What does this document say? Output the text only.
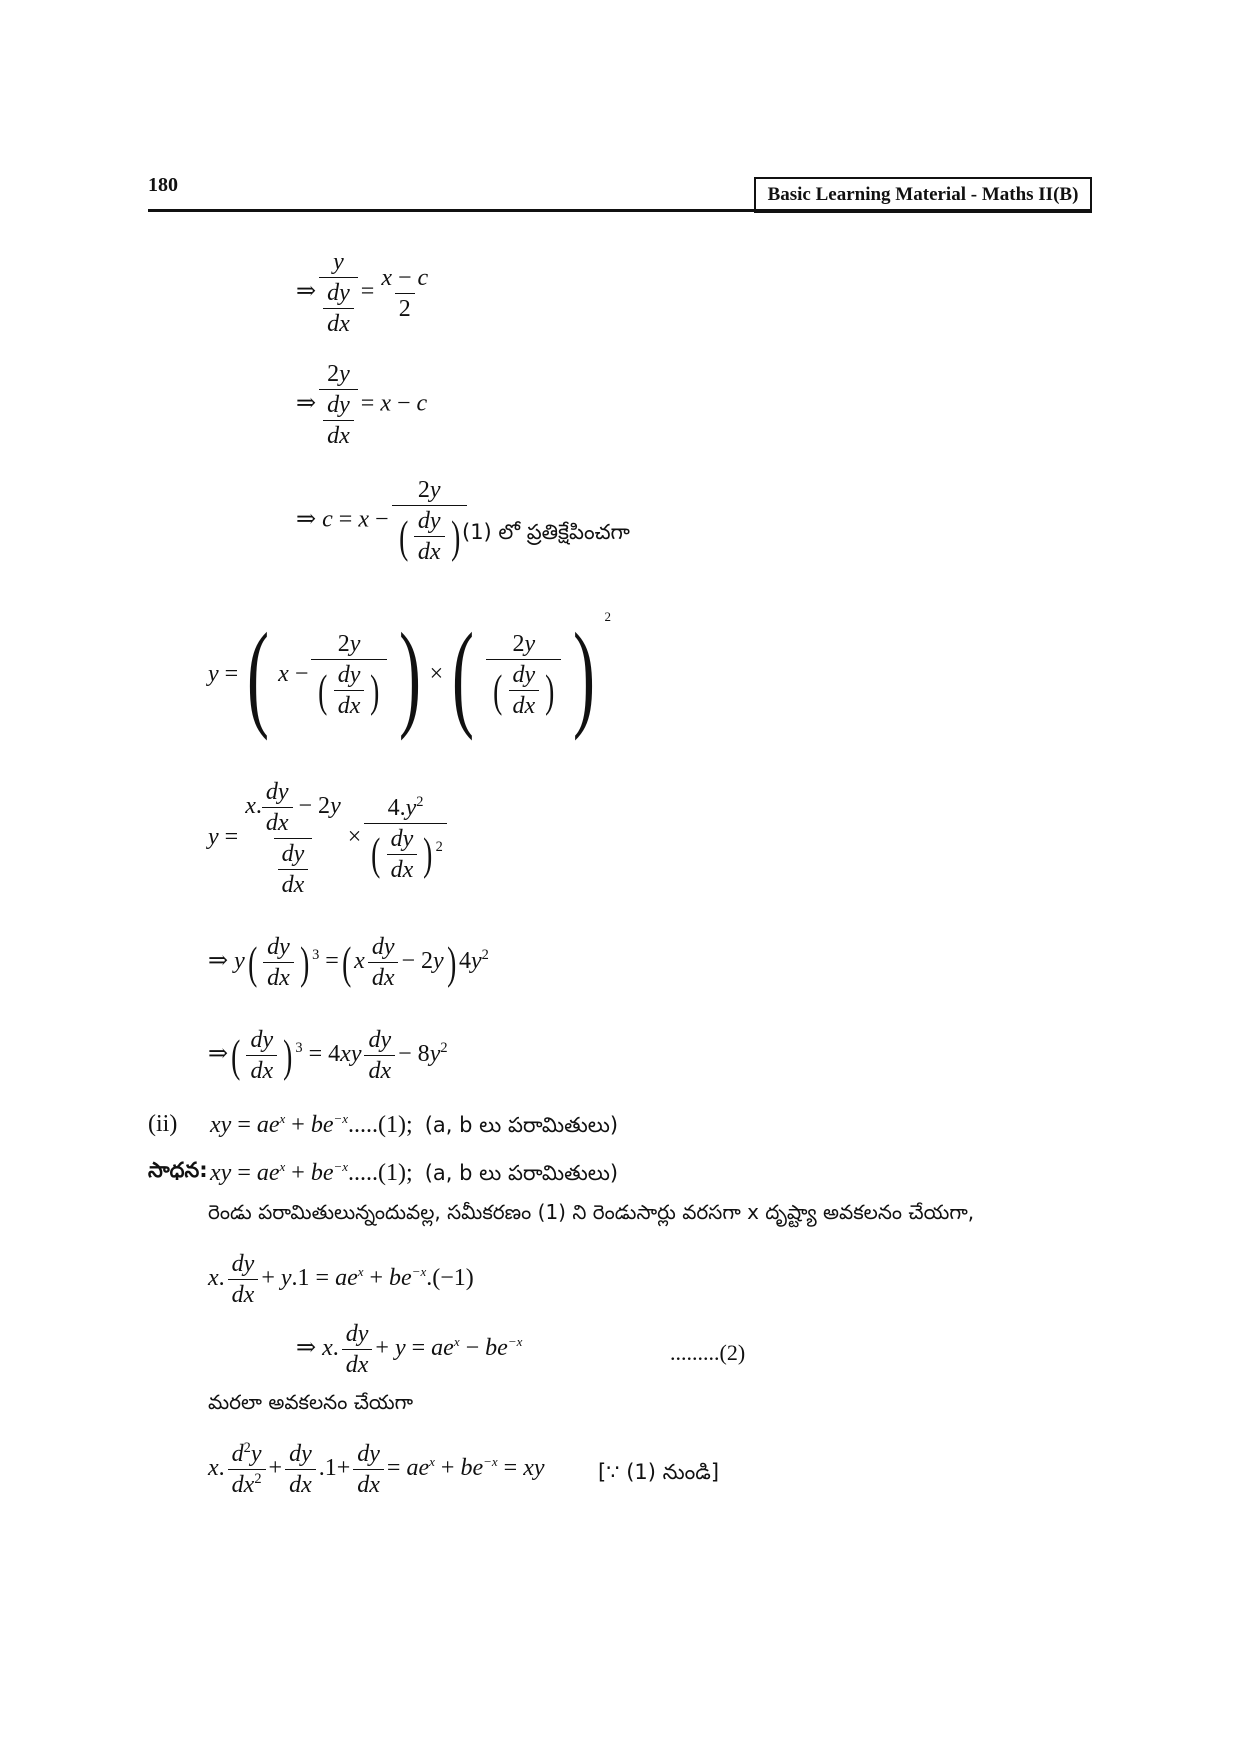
180	Basic Learning Material - Maths II(B)
⇒ $\frac{y}{\frac{dy}{dx}} = \frac{x - c}{2}$
⇒ $\frac{2y}{\frac{dy}{dx}} = x - c$
⇒ $c = x - \frac{2y}{( \frac{dy}{dx} )}$
(1) లో ప్రతిక్షేపించగా
y =( $x - \frac{2y}{( \frac{dy}{dx} )}$ ) ×( $\frac{2y}{( \frac{dy}{dx} )}$ ) $^2$
$y = \frac{x. \frac{dy}{dx} - 2y}{\frac{dy}{dx}} \times \frac{4.y^2}{( \frac{dy}{dx} ) ^2}$
⇒ $y( \frac{dy}{dx}$ ) $^3$ =( x $\frac{dy}{dx} - 2y$) $4y^2$
⇒( $\frac{dy}{dx}$ ) $^3 = 4xy \frac{dy}{dx} - 8y^2$
(ii) xy = $ae^x + be^{-x}.....(1)$; (a, b లు పరామితులు)
సాధన: xy = $ae^x + be^{-x}.....(1)$; (a, b లు పరామితులు)
రెండు పరామితులున్నందువల్ల, సమీకరణం (1) ని రెండుసార్లు వరసగా x దృష్ట్యా అవకలనం చేయగా,
x. $\frac{dy}{dx} + y.1 = ae^x + be^{-x}.(-1)$
⇒ x. $\frac{dy}{dx} + y = ae^x - be^{-x}$	.........(2)
మరలా అవకలనం చేయగా
x. $\frac{d^2y}{dx^2} + \frac{dy}{dx} .1+ \frac{dy}{dx} = ae^x + be^{-x}$ = xy	[∵ (1) నుండి]
